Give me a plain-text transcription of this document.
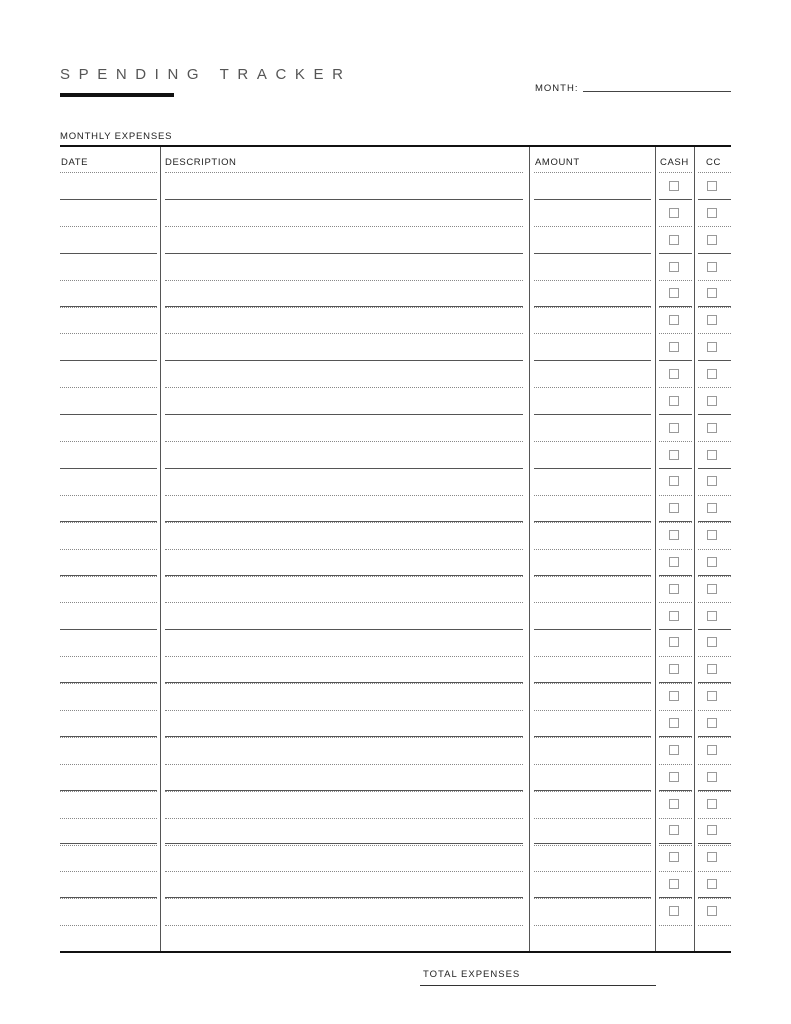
SPENDING TRACKER
MONTH:
MONTHLY EXPENSES
DATE	DESCRIPTION	AMOUNT	CASH CC
TOTAL EXPENSES
